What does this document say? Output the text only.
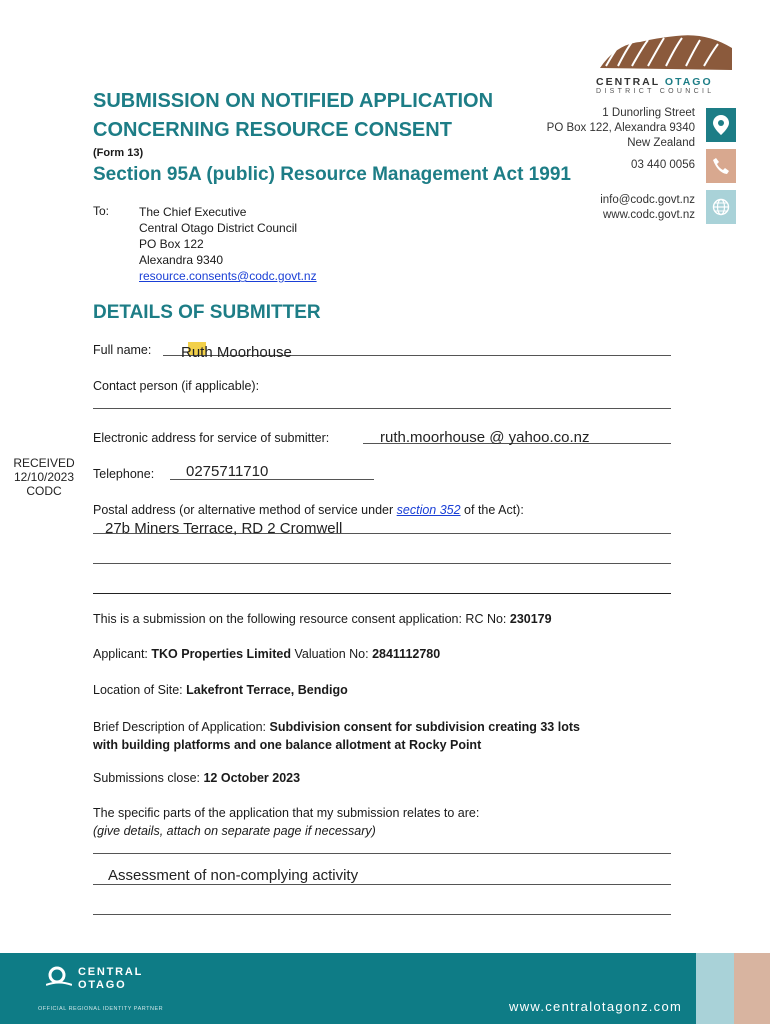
CENTRAL OTAGO
DISTRICT COUNCIL
1 Dunorling Street
PO Box 122, Alexandra 9340
New Zealand
03 440 0056
info@codc.govt.nz
www.codc.govt.nz
SUBMISSION ON NOTIFIED APPLICATION
CONCERNING RESOURCE CONSENT
(Form 13)
Section 95A (public) Resource Management Act 1991
To: The Chief Executive
Central Otago District Council
PO Box 122
Alexandra 9340
resource.consents@codc.govt.nz
DETAILS OF SUBMITTER
RECEIVED
12/10/2023
CODC
Full name: Ruth Moorhouse
Contact person (if applicable):
Electronic address for service of submitter:	ruth.moorhouse @ yahoo.co.nz
Telephone: 0275711710
Postal address (or alternative method of service under section 352 of the Act):
27b Miners Terrace, RD 2 Cromwell
This is a submission on the following resource consent application: RC No: 230179
Applicant: TKO Properties Limited Valuation No: 2841112780
Location of Site: Lakefront Terrace, Bendigo
Brief Description of Application: Subdivision consent for subdivision creating 33 lots
with building platforms and one balance allotment at Rocky Point
Submissions close: 12 October 2023
The specific parts of the application that my submission relates to are:
(give details, attach on separate page if necessary)
Assessment of non-complying activity
CENTRAL
OTAGO
OFFICIAL REGIONAL IDENTITY PARTNER	www.centralotagonz.com
